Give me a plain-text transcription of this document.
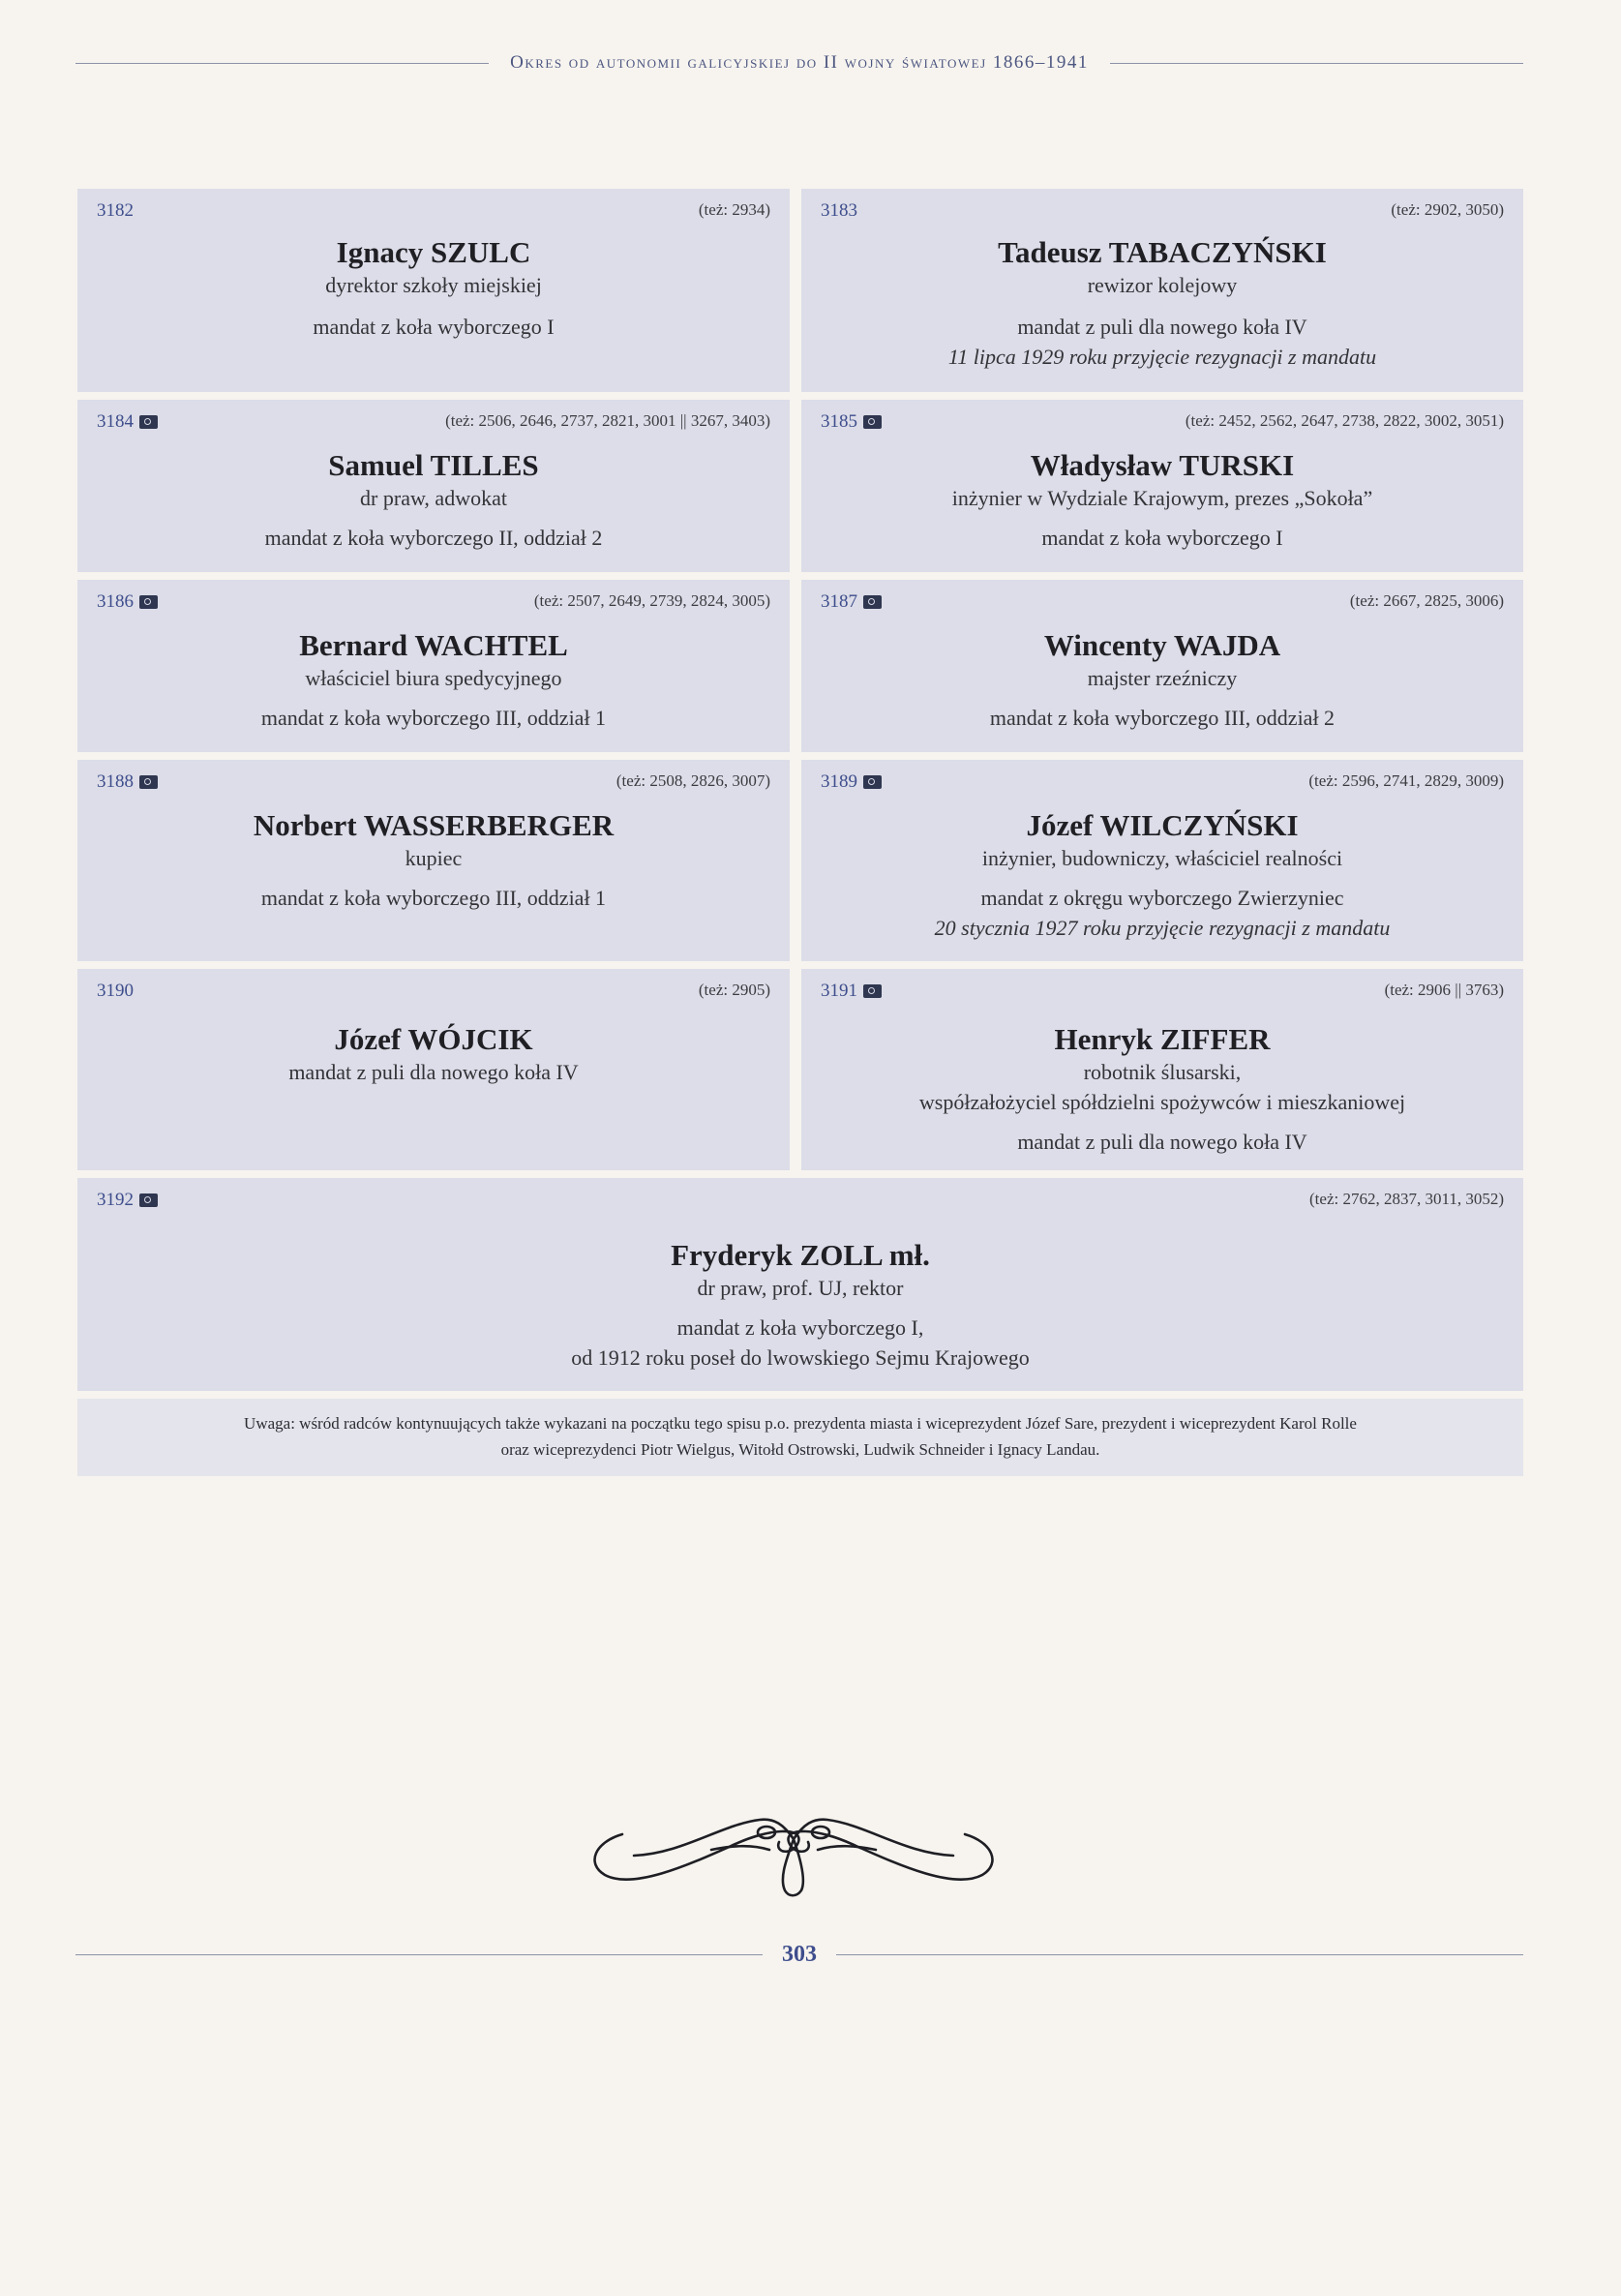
Okres od autonomii galicyjskiej do II wojny światowej 1866–1941
3182	(też: 2934)
Ignacy SZULC
dyrektor szkoły miejskiej
mandat z koła wyborczego I
3183	(też: 2902, 3050)
Tadeusz TABACZYŃSKI
rewizor kolejowy
mandat z puli dla nowego koła IV
11 lipca 1929 roku przyjęcie rezygnacji z mandatu
3184	(też: 2506, 2646, 2737, 2821, 3001 || 3267, 3403)
Samuel TILLES
dr praw, adwokat
mandat z koła wyborczego II, oddział 2
3185	(też: 2452, 2562, 2647, 2738, 2822, 3002, 3051)
Władysław TURSKI
inżynier w Wydziale Krajowym, prezes „Sokoła”
mandat z koła wyborczego I
3186	(też: 2507, 2649, 2739, 2824, 3005)
Bernard WACHTEL
właściciel biura spedycyjnego
mandat z koła wyborczego III, oddział 1
3187	(też: 2667, 2825, 3006)
Wincenty WAJDA
majster rzeźniczy
mandat z koła wyborczego III, oddział 2
3188	(też: 2508, 2826, 3007)
Norbert WASSERBERGER
kupiec
mandat z koła wyborczego III, oddział 1
3189	(też: 2596, 2741, 2829, 3009)
Józef WILCZYŃSKI
inżynier, budowniczy, właściciel realności
mandat z okręgu wyborczego Zwierzyniec
20 stycznia 1927 roku przyjęcie rezygnacji z mandatu
3190	(też: 2905)
Józef WÓJCIK
mandat z puli dla nowego koła IV
3191	(też: 2906 || 3763)
Henryk ZIFFER
robotnik ślusarski,
współzałożyciel spółdzielni spożywców i mieszkaniowej
mandat z puli dla nowego koła IV
3192	(też: 2762, 2837, 3011, 3052)
Fryderyk ZOLL mł.
dr praw, prof. UJ, rektor
mandat z koła wyborczego I,
od 1912 roku poseł do lwowskiego Sejmu Krajowego
Uwaga: wśród radców kontynuujących także wykazani na początku tego spisu p.o. prezydenta miasta i wiceprezydent Józef Sare, prezydent i wiceprezydent Karol Rolle
oraz wiceprezydenci Piotr Wielgus, Witołd Ostrowski, Ludwik Schneider i Ignacy Landau.
303
